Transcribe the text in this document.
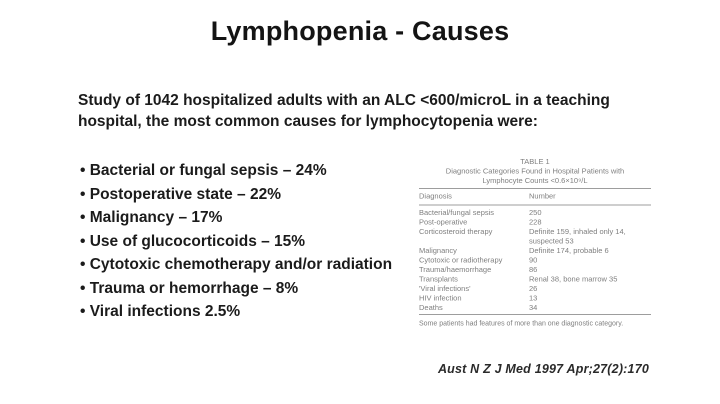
Lymphopenia - Causes

Study of 1042 hospitalized adults with an ALC <600/microL in a teaching hospital, the most common causes for lymphocytopenia were:

• Bacterial or fungal sepsis – 24%
• Postoperative state – 22%
• Malignancy – 17%
• Use of glucocorticoids – 15%
• Cytotoxic chemotherapy and/or radiation
• Trauma or hemorrhage – 8%
• Viral infections 2.5%
TABLE 1
Diagnostic Categories Found in Hospital Patients with
Lymphocyte Counts <0.6×10⁹/L
Diagnosis	Number
Bacterial/fungal sepsis	250
Post-operative	228
Corticosteroid therapy	Definite 159, inhaled only 14, suspected 53
Malignancy	Definite 174, probable 6
Cytotoxic or radiotherapy	90
Trauma/haemorrhage	86
Transplants	Renal 38, bone marrow 35
'Viral infections'	26
HIV infection	13
Deaths	34
Some patients had features of more than one diagnostic category.
Aust N Z J Med 1997 Apr;27(2):170
